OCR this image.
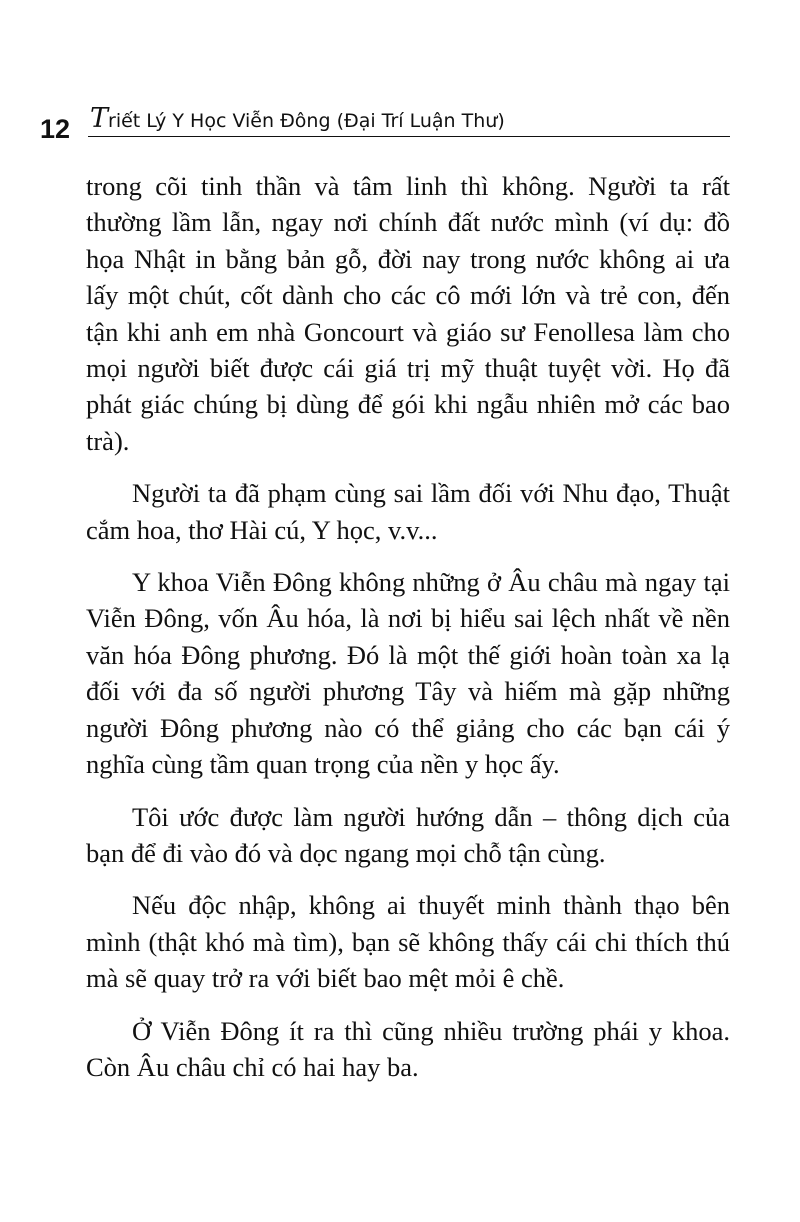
12 Triết Lý Y Học Viễn Đông (Đại Trí Luận Thư)

trong cõi tinh thần và tâm linh thì không. Người ta rất thường lầm lẫn, ngay nơi chính đất nước mình (ví dụ: đồ họa Nhật in bằng bản gỗ, đời nay trong nước không ai ưa lấy một chút, cốt dành cho các cô mới lớn và trẻ con, đến tận khi anh em nhà Goncourt và giáo sư Fenollesa làm cho mọi người biết được cái giá trị mỹ thuật tuyệt vời. Họ đã phát giác chúng bị dùng để gói khi ngẫu nhiên mở các bao trà).

Người ta đã phạm cùng sai lầm đối với Nhu đạo, Thuật cắm hoa, thơ Hài cú, Y học, v.v...

Y khoa Viễn Đông không những ở Âu châu mà ngay tại Viễn Đông, vốn Âu hóa, là nơi bị hiểu sai lệch nhất về nền văn hóa Đông phương. Đó là một thế giới hoàn toàn xa lạ đối với đa số người phương Tây và hiếm mà gặp những người Đông phương nào có thể giảng cho các bạn cái ý nghĩa cùng tầm quan trọng của nền y học ấy.

Tôi ước được làm người hướng dẫn – thông dịch của bạn để đi vào đó và dọc ngang mọi chỗ tận cùng.

Nếu độc nhập, không ai thuyết minh thành thạo bên mình (thật khó mà tìm), bạn sẽ không thấy cái chi thích thú mà sẽ quay trở ra với biết bao mệt mỏi ê chề.

Ở Viễn Đông ít ra thì cũng nhiều trường phái y khoa. Còn Âu châu chỉ có hai hay ba.
